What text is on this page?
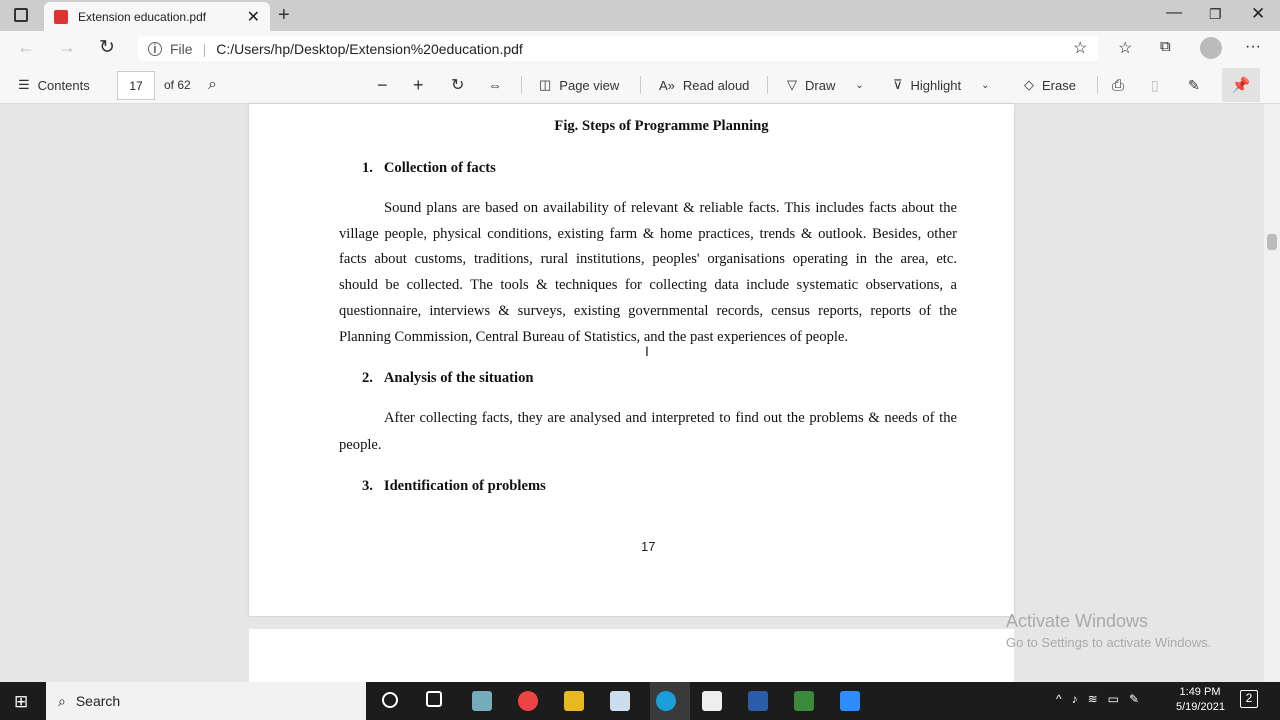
Extension education.pdf	✕ +	— ❐ ✕
← → ↻	i File | C:/Users/hp/Desktop/Extension%20education.pdf	☆ ☆ ⧉	···
☰ Contents	17	of 62 ⌕	− + ↻ ⇔	◫ Page view	A» Read aloud	▽ Draw ⌄ ⊽ Highlight ⌄	◇ Erase ⎙ ▯ ✎	📌
Fig. Steps of Programme Planning
1.   Collection of facts
Sound plans are based on availability of relevant & reliable facts. This includes facts about the
village people, physical conditions, existing farm & home practices, trends & outlook. Besides, other
facts about customs, traditions, rural institutions, peoples' organisations operating in the area, etc.
should be collected. The tools & techniques for collecting data include systematic observations, a
questionnaire, interviews & surveys, existing governmental records, census reports, reports of the
Planning Commission, Central Bureau of Statistics, and the past experiences of people.
2.   Analysis of the situation
After collecting facts, they are analysed and interpreted to find out the problems & needs of the
people.
3.   Identification of problems
17
I
Activate Windows
Go to Settings to activate Windows.
⊞ ⌕ Search	^♪≋▭✎	1:49 PM
5/19/2021
2
